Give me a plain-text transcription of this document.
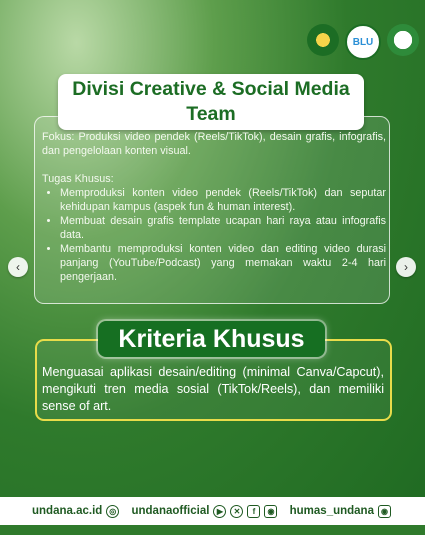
BLU
Divisi Creative & Social Media Team

Fokus: Produksi video pendek (Reels/TikTok), desain grafis, infografis, dan pengelolaan konten visual.

Tugas Khusus:

• Memproduksi konten video pendek (Reels/TikTok) dan seputar kehidupan kampus (aspek fun & human interest).
• Membuat desain grafis template ucapan hari raya atau infografis data.
• Membantu memproduksi konten video dan editing video durasi panjang (YouTube/Podcast) yang memakan waktu 2-4 hari pengerjaan.
‹	›
Kriteria Khusus
Menguasai aplikasi desain/editing (minimal Canva/Capcut), mengikuti tren media sosial (TikTok/Reels), dan memiliki sense of art.
undana.ac.id ◎ undanaofficial ▶	✕	f	◉ humas_undana ◉
